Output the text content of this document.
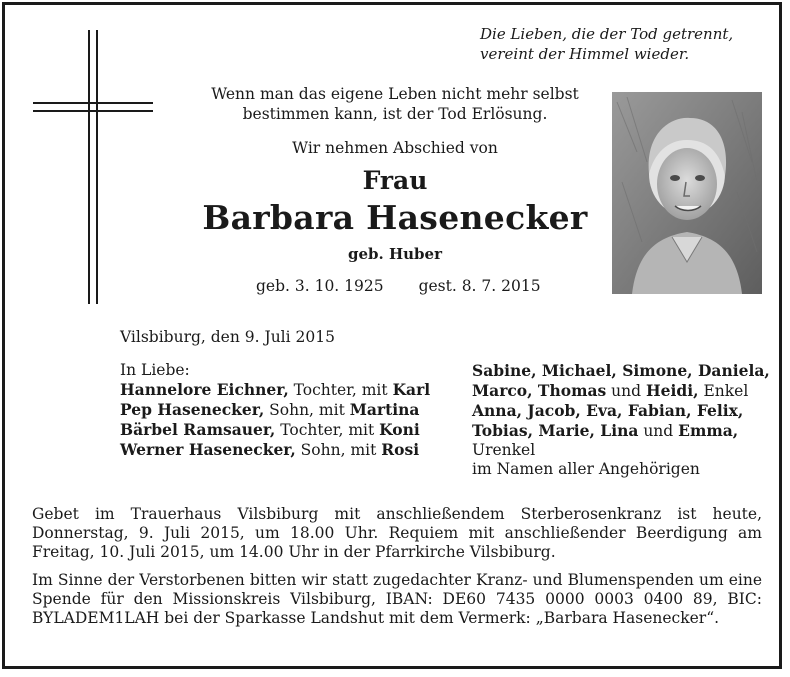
Die Lieben, die der Tod getrennt,
vereint der Himmel wieder.

Wenn man das eigene Leben nicht mehr selbst

bestimmen kann, ist der Tod Erlösung.

Wir nehmen Abschied von

Frau

Barbara Hasenecker

geb. Huber

geb. 3. 10. 1925 gest. 8. 7. 2015
Vilsbiburg, den 9. Juli 2015
In Liebe:
Hannelore Eichner, Tochter, mit Karl
Pep Hasenecker, Sohn, mit Martina
Bärbel Ramsauer, Tochter, mit Koni
Werner Hasenecker, Sohn, mit Rosi
Sabine, Michael, Simone, Daniela,
Marco, Thomas und Heidi, Enkel
Anna, Jacob, Eva, Fabian, Felix,
Tobias, Marie, Lina und Emma,
Urenkel
im Namen aller Angehörigen
Gebet im Trauerhaus Vilsbiburg mit anschließendem Sterberosenkranz ist heute, Donnerstag, 9. Juli 2015, um 18.00 Uhr. Requiem mit anschließender Beerdigung am Freitag, 10. Juli 2015, um 14.00 Uhr in der Pfarrkirche Vilsbiburg.
Im Sinne der Verstorbenen bitten wir statt zugedachter Kranz- und Blumenspenden um eine Spende für den Missionskreis Vilsbiburg, IBAN: DE60 7435 0000 0003 0400 89, BIC: BYLADEM1LAH bei der Sparkasse Landshut mit dem Vermerk: „Barbara Hasenecker“.
